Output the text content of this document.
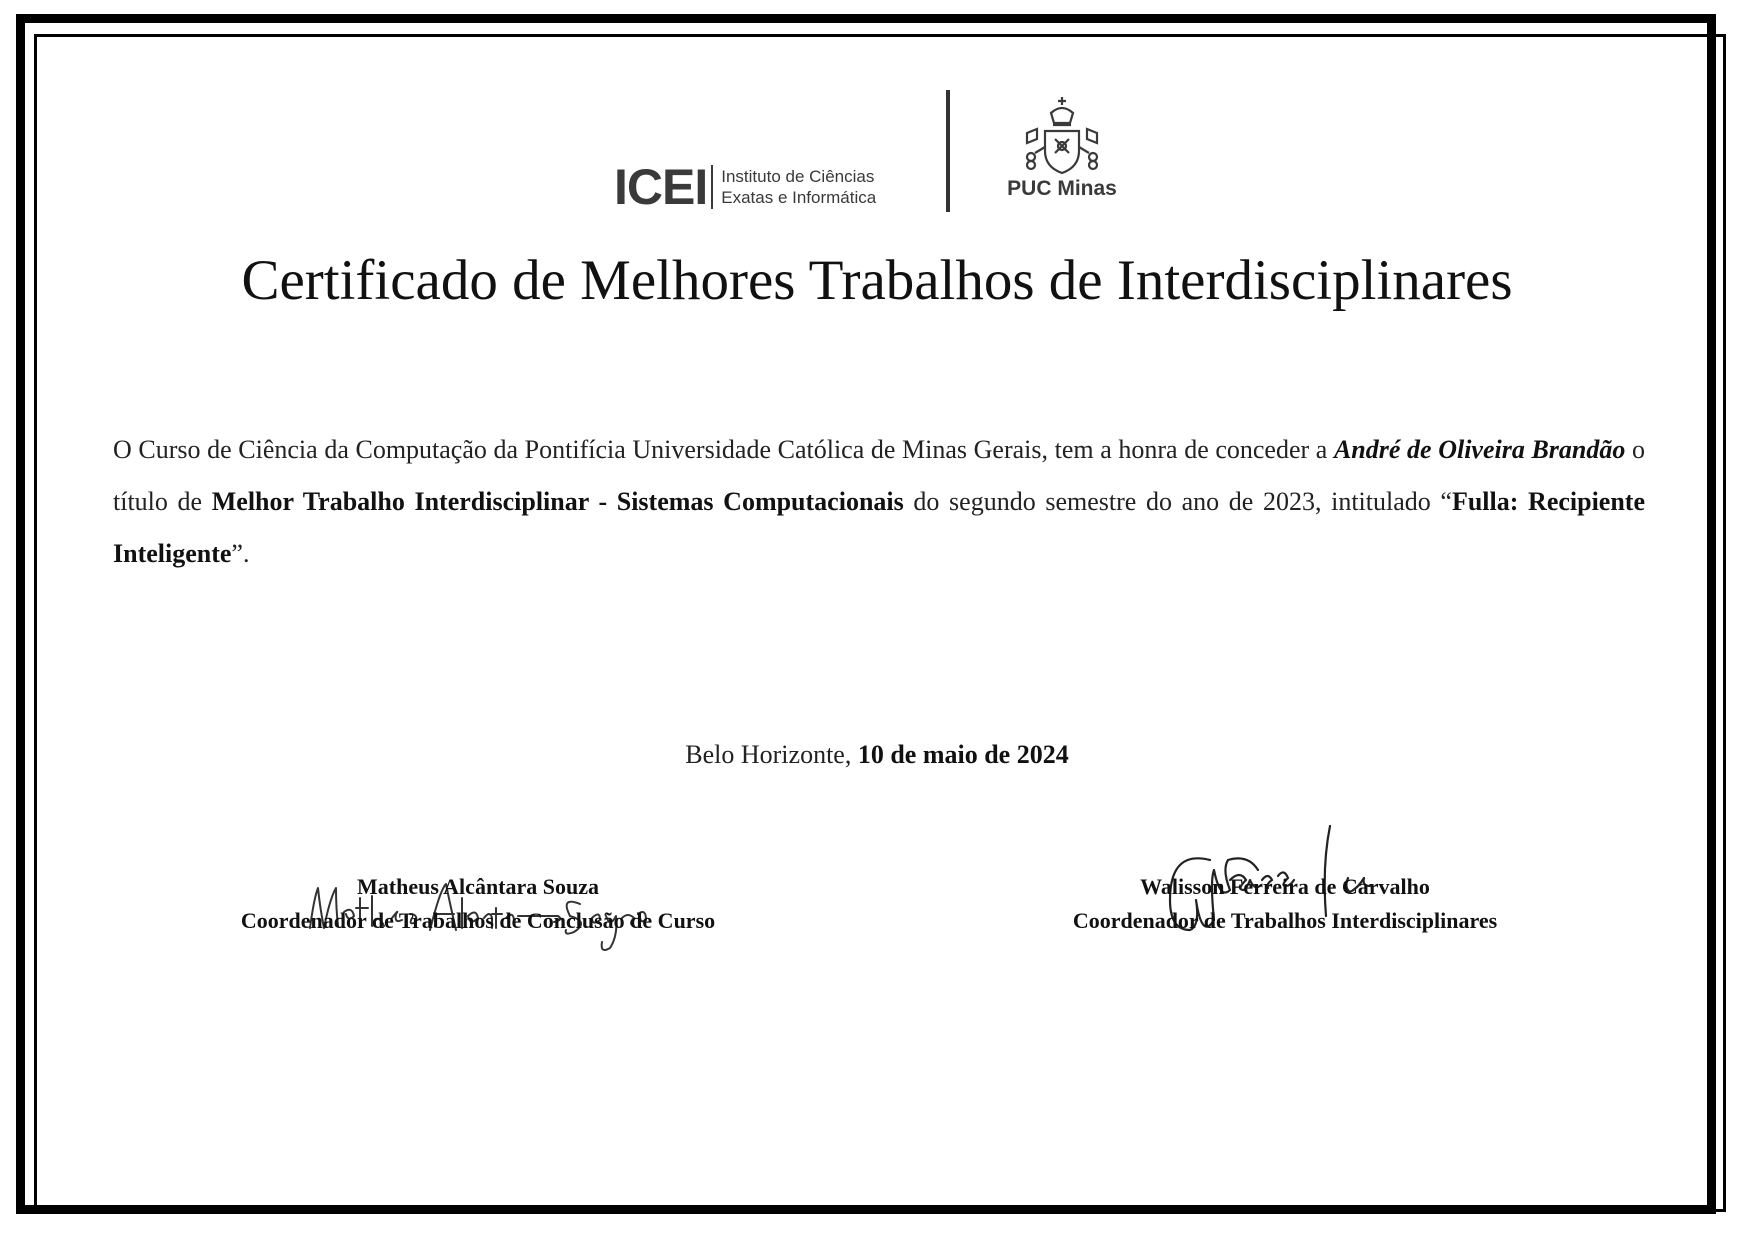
ICEI Instituto de Ciências
Exatas e Informática	PUC Minas
Certificado de Melhores Trabalhos de Interdisciplinares
O Curso de Ciência da Computação da Pontifícia Universidade Católica de Minas Gerais, tem a honra de conceder a André de Oliveira Brandão o título de Melhor Trabalho Interdisciplinar - Sistemas Computacionais do segundo semestre do ano de 2023, intitulado “Fulla: Recipiente Inteligente”.
Belo Horizonte, 10 de maio de 2024
Matheus Alcântara Souza
Coordenador de Trabalhos de Conclusão de Curso
Walisson Ferreira de Carvalho
Coordenador de Trabalhos Interdisciplinares
